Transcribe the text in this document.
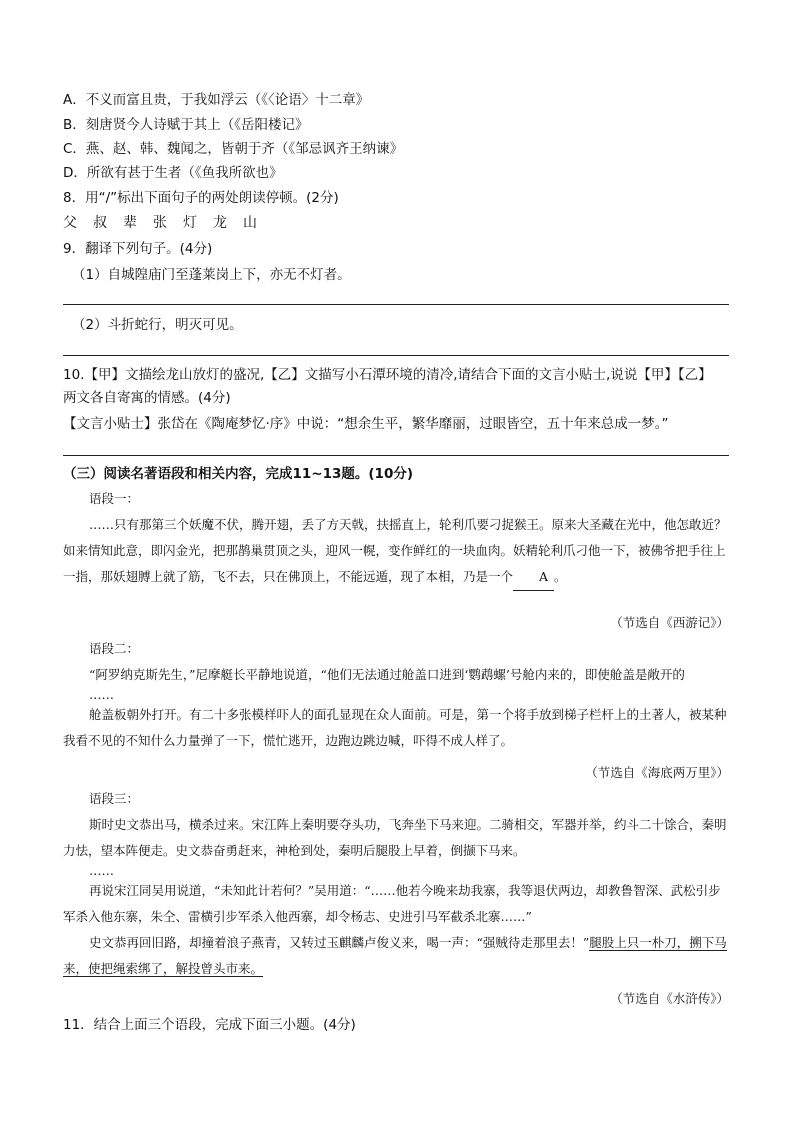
A．不义而富且贵，于我如浮云（《〈论语〉十二章》
B．刻唐贤今人诗赋于其上（《岳阳楼记》
C．燕、赵、韩、魏闻之，皆朝于齐（《邹忌讽齐王纳谏》
D．所欲有甚于生者（《鱼我所欲也》
8．用“/”标出下面句子的两处朗读停顿。(2分)
父 叔 辈 张 灯 龙 山
9．翻译下列句子。(4分)
（1）自城隍庙门至蓬莱岗上下，亦无不灯者。
（2）斗折蛇行，明灭可见。
10.【甲】文描绘龙山放灯的盛况,【乙】文描写小石潭环境的清冷,请结合下面的文言小贴士,说说【甲】【乙】
两文各自寄寓的情感。(4分)
【文言小贴士】张岱在《陶庵梦忆·序》中说：“想余生平，繁华靡丽，过眼皆空，五十年来总成一梦。”
（三）阅读名著语段和相关内容，完成11~13题。(10分)

语段一：

……只有那第三个妖魔不伏，腾开翅，丢了方天戟，扶摇直上，轮利爪要刁捉猴王。原来大圣藏在光中，他怎敢近？如来情知此意，即闪金光，把那鹊巢贯顶之头，迎风一幌，变作鲜红的一块血肉。妖精轮利爪刁他一下，被佛爷把手往上一指，那妖翅膊上就了筋，飞不去，只在佛顶上，不能远遁，现了本相，乃是一个 A 。

（节选自《西游记》）

语段二：

“阿罗纳克斯先生，”尼摩艇长平静地说道，“他们无法通过舱盖口进到‘鹦鹉螺’号舱内来的，即使舱盖是敞开的

……

舱盖板朝外打开。有二十多张模样吓人的面孔显现在众人面前。可是，第一个将手放到梯子栏杆上的土著人，被某种我看不见的不知什么力量弹了一下，慌忙逃开，边跑边跳边喊，吓得不成人样了。

（节选自《海底两万里》）

语段三：

斯时史文恭出马，横杀过来。宋江阵上秦明要夺头功，飞奔坐下马来迎。二骑相交，军器并举，约斗二十馀合，秦明力怯，望本阵便走。史文恭奋勇赶来，神枪到处，秦明后腿股上早着，倒撷下马来。

……

再说宋江同吴用说道，“未知此计若何？”吴用道：“……他若今晚来劫我寨，我等退伏两边，却教鲁智深、武松引步军杀入他东寨，朱仝、雷横引步军杀入他西寨，却令杨志、史进引马军截杀北寨……”

史文恭再回旧路，却撞着浪子燕青，又转过玉麒麟卢俊义来，喝一声：“强贼待走那里去！”腿股上只一朴刀，搠下马来，使把绳索绑了，解投曾头市来。

（节选自《水浒传》）
11．结合上面三个语段，完成下面三小题。(4分)
